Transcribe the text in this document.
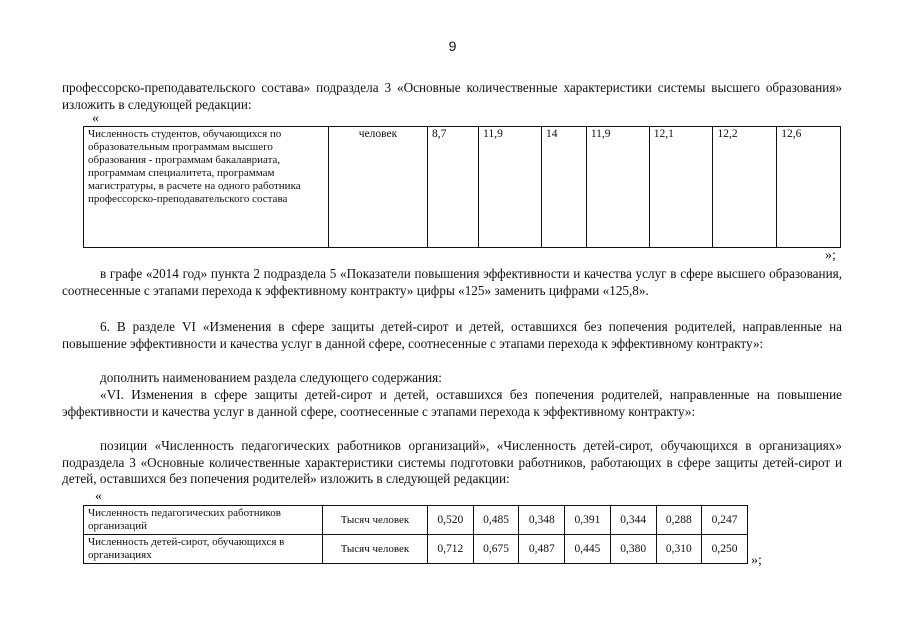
9
профессорско-преподавательского состава» подраздела 3 «Основные количественные характеристики системы высшего образования» изложить в следующей редакции:
«
Численность студентов, обучающихся по образовательным программам высшего образования - программам бакалавриата, программам специалитета, программам магистратуры, в расчете на одного работника профессорско-преподавательского состава	человек	8,7	11,9	14	11,9	12,1	12,2	12,6
»;
в графе «2014 год» пункта 2 подраздела 5 «Показатели повышения эффективности и качества услуг в сфере высшего образования, соотнесенные с этапами перехода к эффективному контракту» цифры «125» заменить цифрами «125,8».
6. В разделе VI «Изменения в сфере защиты детей-сирот и детей, оставшихся без попечения родителей, направленные на повышение эффективности и качества услуг в данной сфере, соотнесенные с этапами перехода к эффективному контракту»:
дополнить наименованием раздела следующего содержания:
«VI. Изменения в сфере защиты детей-сирот и детей, оставшихся без попечения родителей, направленные на повышение эффективности и качества услуг в данной сфере, соотнесенные с этапами перехода к эффективному контракту»:
позиции «Численность педагогических работников организаций», «Численность детей-сирот, обучающихся в организациях» подраздела 3 «Основные количественные характеристики системы подготовки работников, работающих в сфере защиты детей-сирот и детей, оставшихся без попечения родителей» изложить в следующей редакции:
«
Численность педагогических работников организаций	Тысяч человек	0,520	0,485	0,348	0,391	0,344	0,288	0,247
Численность детей-сирот, обучающихся в организациях	Тысяч человек	0,712	0,675	0,487	0,445	0,380	0,310	0,250
»;
